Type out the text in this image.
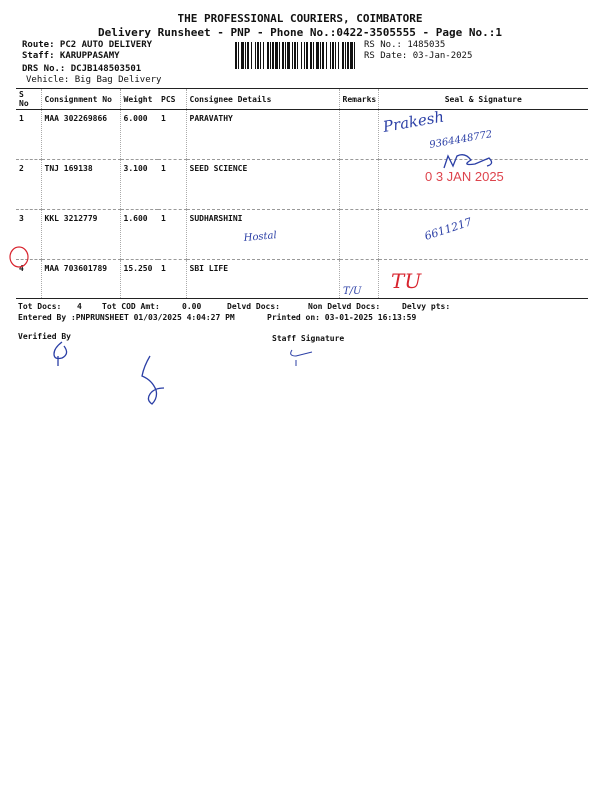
THE PROFESSIONAL COURIERS, COIMBATORE
Delivery Runsheet - PNP - Phone No.:0422-3505555 - Page No.:1
Route: PC2 AUTO DELIVERY
Staff: KARUPPASAMY
DRS No.: DCJB148503501
Vehicle: Big Bag Delivery
RS No.: 1485035
RS Date: 03-Jan-2025
S No	Consignment No	Weight	PCS	Consignee Details	Remarks	Seal & Signature
1	MAA 302269866	6.000	1	PARAVATHY		
2	TNJ 169138	3.100	1	SEED SCIENCE		
3	KKL 3212779	1.600	1	SUDHARSHINI		
4	MAA 703601789	15.250	1	SBI LIFE		
Tot Docs: 4	Tot COD Amt:	0.00	Delvd Docs:	Non Delvd Docs:	Delvy pts:
Entered By :PNPRUNSHEET 01/03/2025 4:04:27 PM	Printed on: 03-01-2025 16:13:59
Verified By	Staff Signature
Prakesh
9364448772
Hostal	6611217
T/U
0 3 JAN 2025
TU
